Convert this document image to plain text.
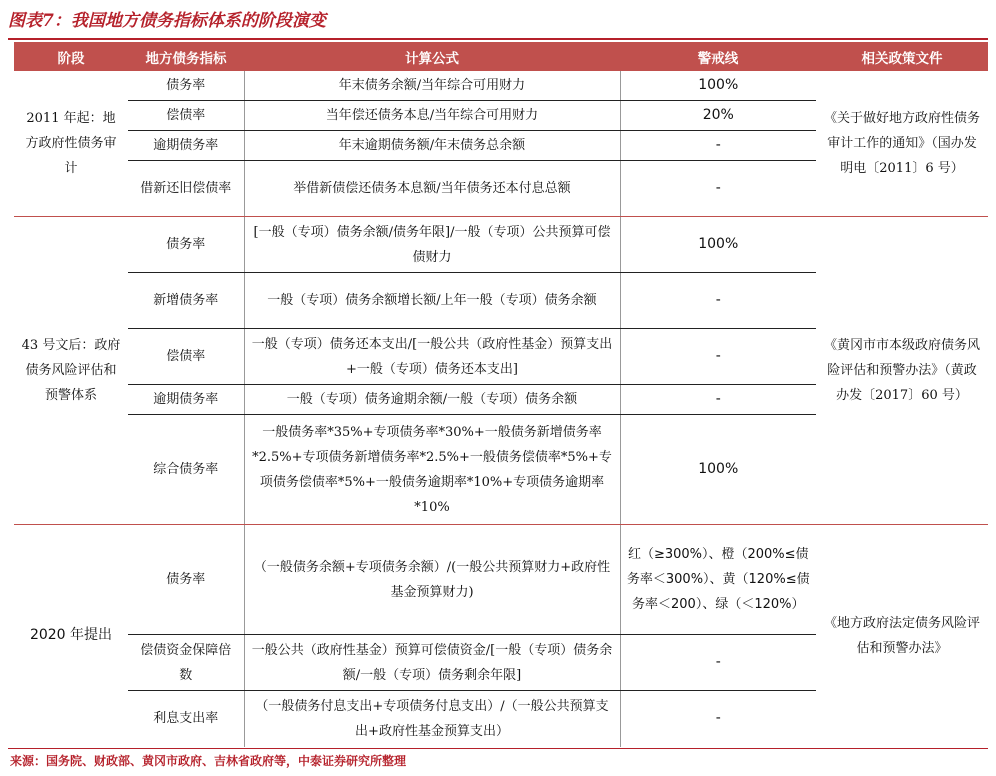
图表7：我国地方债务指标体系的阶段演变
阶段	地方债务指标	计算公式	警戒线	相关政策文件
2011 年起：地方政府性债务审计	债务率	年末债务余额/当年综合可用财力	100%	《关于做好地方政府性债务审计工作的通知》（国办发明电〔2011〕6 号）
	偿债率	当年偿还债务本息/当年综合可用财力	20%	
	逾期债务率	年末逾期债务额/年末债务总余额	-	
	借新还旧偿债率	举借新债偿还债务本息额/当年债务还本付息总额	-	
43 号文后：政府债务风险评估和预警体系	债务率	[一般（专项）债务余额/债务年限]/一般（专项）公共预算可偿债财力	100%	《黄冈市市本级政府债务风险评估和预警办法》（黄政办发〔2017〕60 号）
	新增债务率	一般（专项）债务余额增长额/上年一般（专项）债务余额	-	
	偿债率	一般（专项）债务还本支出/[一般公共（政府性基金）预算支出+一般（专项）债务还本支出]	-	
	逾期债务率	一般（专项）债务逾期余额/一般（专项）债务余额	-	
	综合债务率	一般债务率*35%+专项债务率*30%+一般债务新增债务率*2.5%+专项债务新增债务率*2.5%+一般债务偿债率*5%+专项债务偿债率*5%+一般债务逾期率*10%+专项债务逾期率*10%	100%	
2020 年提出	债务率	（一般债务余额+专项债务余额）/(一般公共预算财力+政府性基金预算财力)	红（≥300%）、橙（200%≤债务率＜300%）、黄（120%≤债务率＜200）、绿（＜120%）	《地方政府法定债务风险评估和预警办法》
	偿债资金保障倍数	一般公共（政府性基金）预算可偿债资金/[一般（专项）债务余额/一般（专项）债务剩余年限]	-	
	利息支出率	（一般债务付息支出+专项债务付息支出）/（一般公共预算支出+政府性基金预算支出）	-	
来源：国务院、财政部、黄冈市政府、吉林省政府等，中泰证券研究所整理
